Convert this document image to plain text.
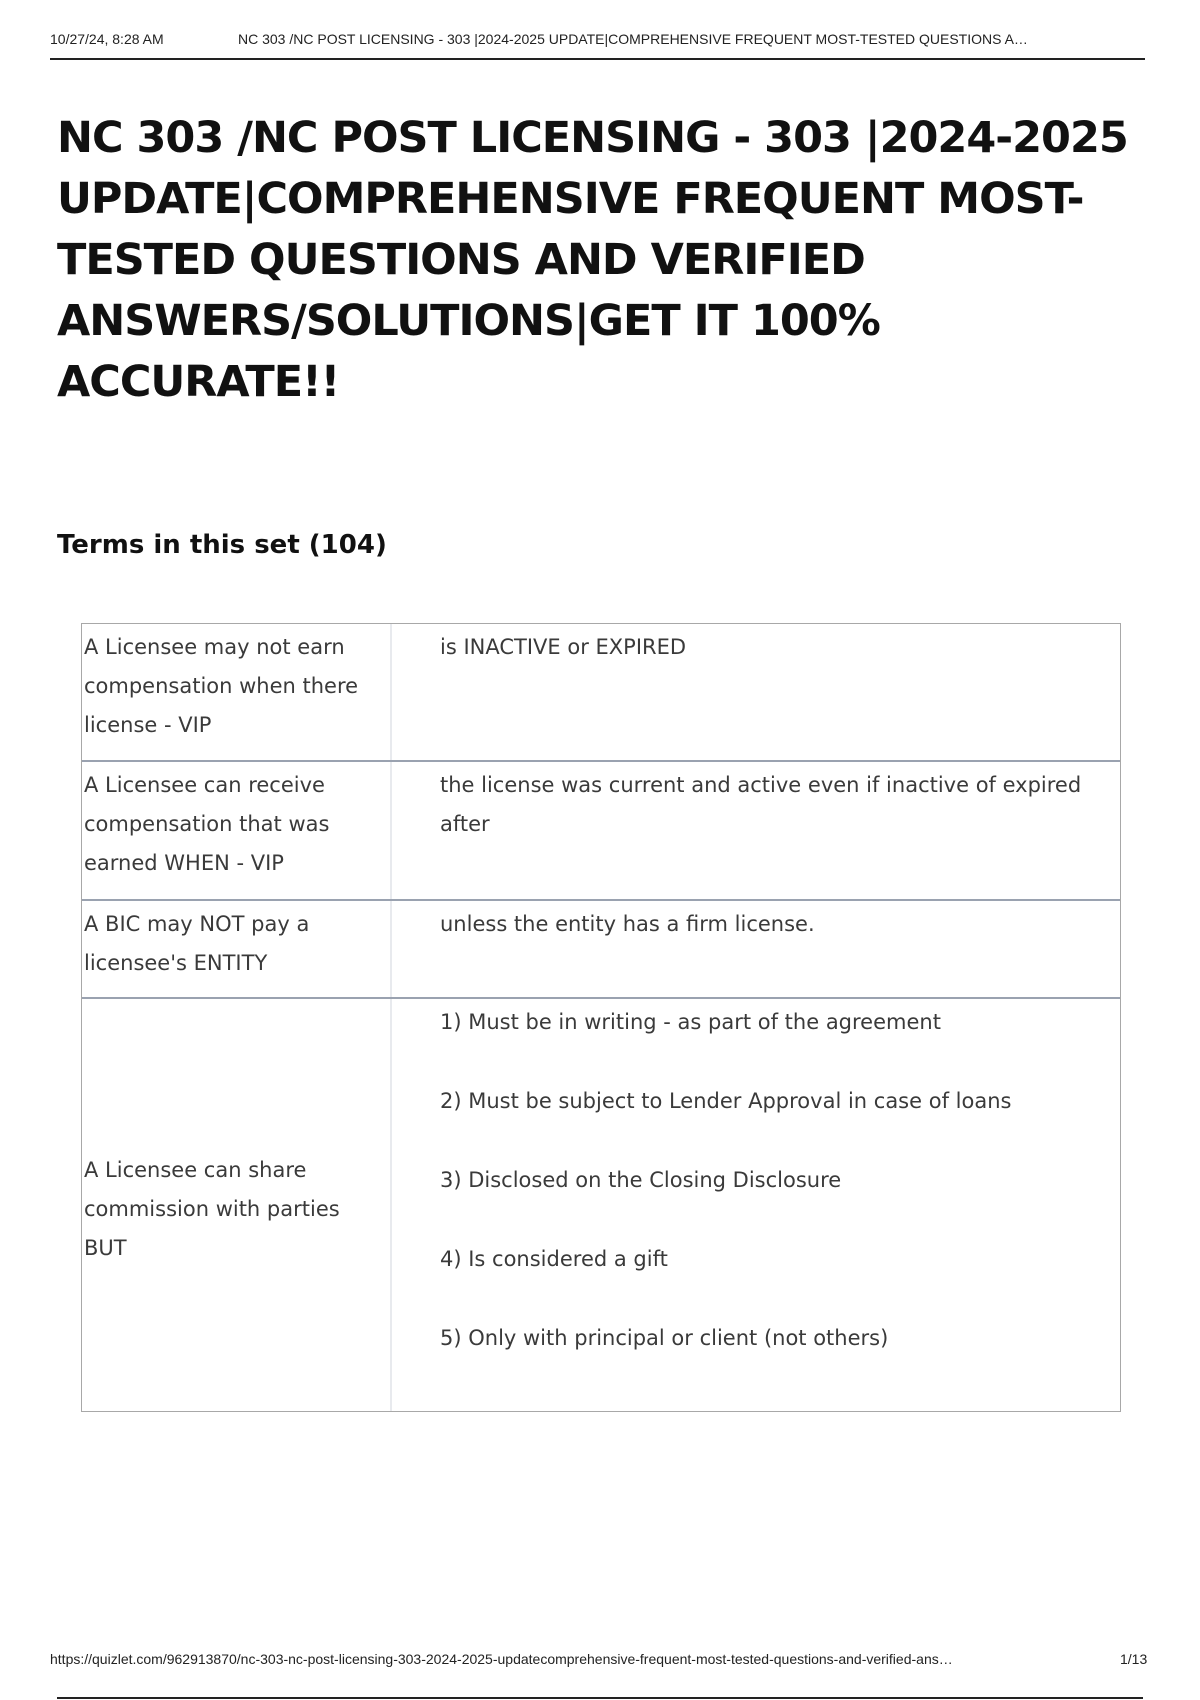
10/27/24, 8:28 AM	NC 303 /NC POST LICENSING - 303 |2024-2025 UPDATE|COMPREHENSIVE FREQUENT MOST-TESTED QUESTIONS A…
NC 303 /NC POST LICENSING - 303 |2024-2025 UPDATE|COMPREHENSIVE FREQUENT MOST-TESTED QUESTIONS AND VERIFIED ANSWERS/SOLUTIONS|GET IT 100% ACCURATE!!
Terms in this set (104)
A Licensee may not earn compensation when there license - VIP
is INACTIVE or EXPIRED
A Licensee can receive compensation that was earned WHEN - VIP
the license was current and active even if inactive of expired after
A BIC may NOT pay a licensee's ENTITY
unless the entity has a firm license.
A Licensee can share commission with parties BUT
1) Must be in writing - as part of the agreement
2) Must be subject to Lender Approval in case of loans
3) Disclosed on the Closing Disclosure
4) Is considered a gift
5) Only with principal or client (not others)
https://quizlet.com/962913870/nc-303-nc-post-licensing-303-2024-2025-updatecomprehensive-frequent-most-tested-questions-and-verified-ans…	1/13
